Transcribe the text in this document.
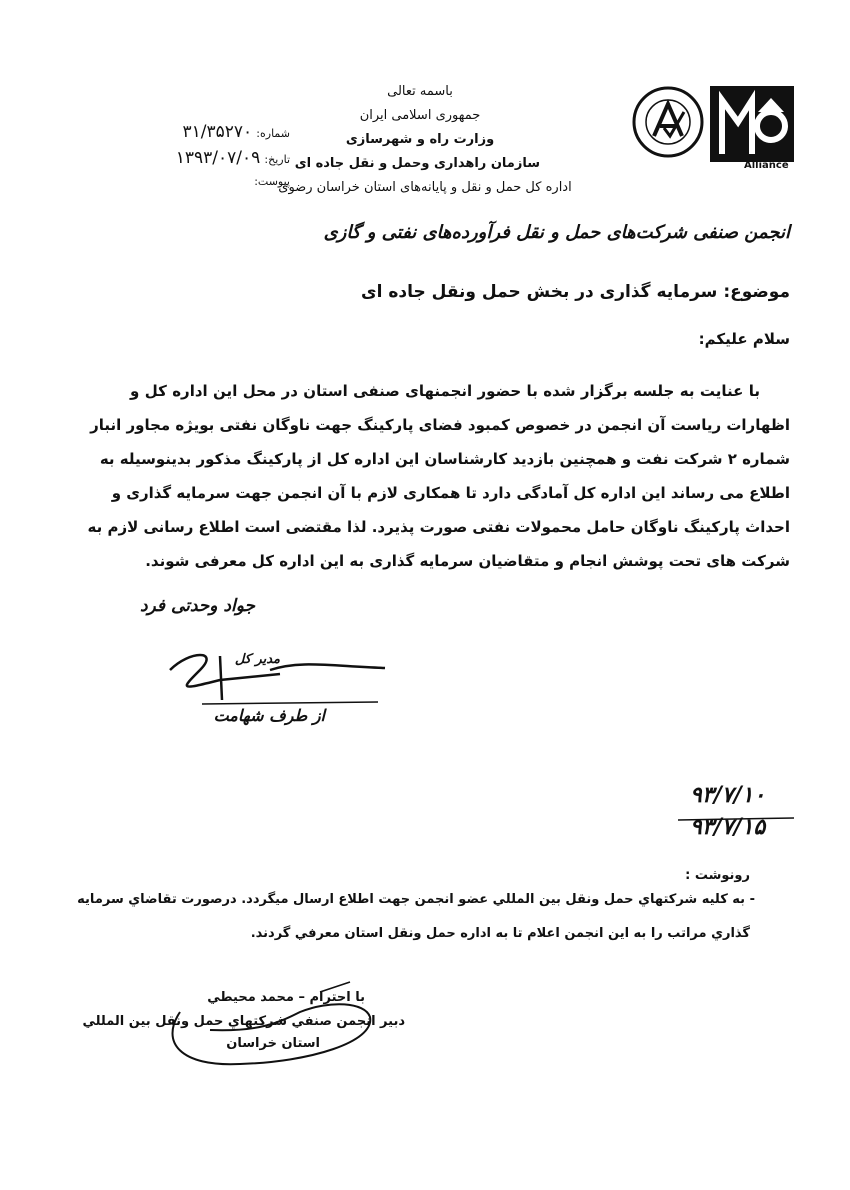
Alliance
باسمه تعالی
جمهوری اسلامی ایران
وزارت راه و شهرسازی
سازمان راهداری وحمل و نقل جاده ای
اداره کل حمل و نقل و پایانه‌های استان خراسان رضوی
شماره: ۳۱/۳۵۲۷۰
تاریخ: ۱۳۹۳/۰۷/۰۹
پیوست:
انجمن صنفی شرکت‌های حمل و نقل فرآورده‌های نفتی و گازی
موضوع: سرمایه گذاری در بخش حمل ونقل جاده ای
سلام علیکم:
با عنایت به جلسه برگزار شده با حضور انجمنهای صنفی استان در محل این اداره کل و
اظهارات ریاست آن انجمن در خصوص کمبود فضای پارکینگ جهت ناوگان نفتی بویژه مجاور انبار
شماره ۲ شرکت نفت و همچنین بازدید کارشناسان این اداره کل از پارکینگ مذکور بدینوسیله به
اطلاع می رساند این اداره کل آمادگی دارد تا همکاری لازم با آن انجمن جهت سرمایه گذاری و
احداث پارکینگ ناوگان حامل محمولات نفتی صورت پذیرد. لذا مقتضی است اطلاع رسانی لازم به
شرکت های تحت پوشش انجام و متقاضیان سرمایه گذاری به این اداره کل معرفی شوند.
جواد وحدتی فرد
مدیر کل
از طرف شهامت
۹۳/۷/۱۰
۹۳/۷/۱۵
رونوشت :
- به كليه شركتهاي حمل ونقل بين المللي عضو انجمن جهت اطلاع ارسال ميگردد. درصورت تقاضاي سرمايه
گذاري مراتب را به اين انجمن اعلام تا به اداره حمل ونقل استان معرفي گردند.
با احترام – محمد محيطي
دبير انجمن صنفي شركتهاي حمل ونقل بين المللي
استان خراسان
